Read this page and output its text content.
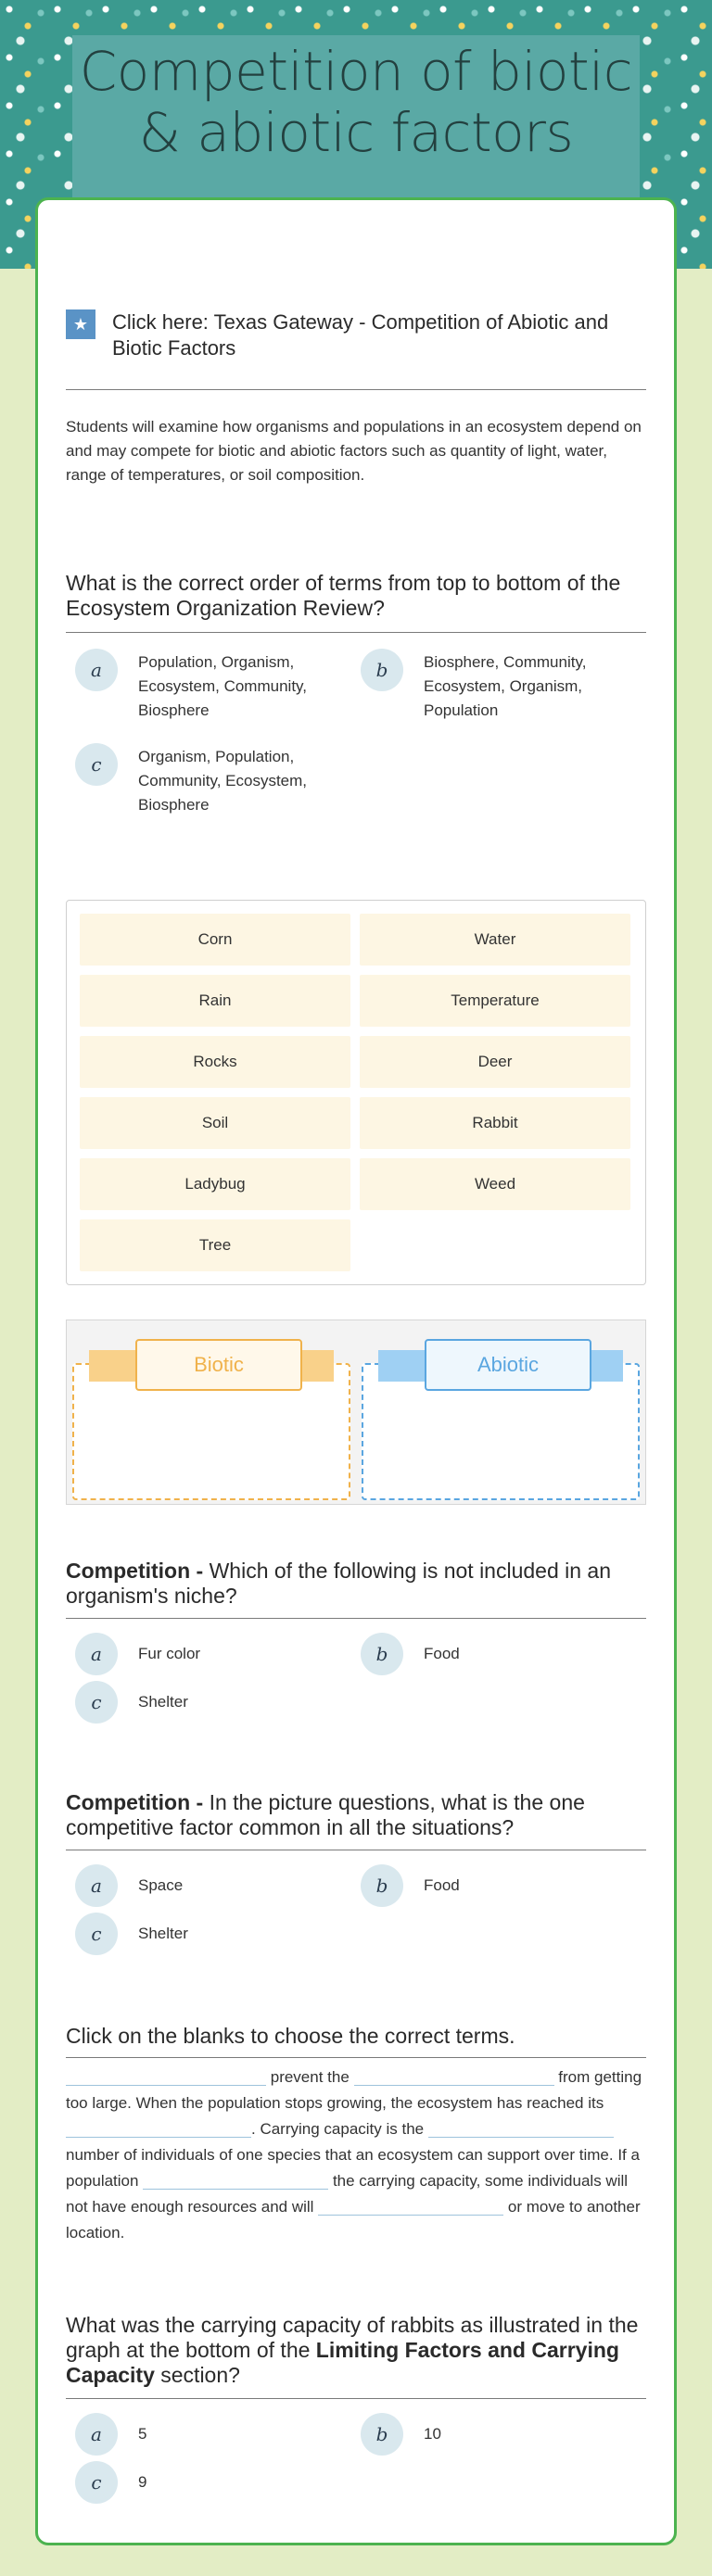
Competition of biotic & abiotic factors
★	Click here: Texas Gateway - Competition of Abiotic and Biotic Factors
Students will examine how organisms and populations in an ecosystem depend on and may compete for biotic and abiotic factors such as quantity of light, water, range of temperatures, or soil composition.
What is the correct order of terms from top to bottom of the Ecosystem Organization Review?
a	Population, Organism, Ecosystem, Community, Biosphere
b	Biosphere, Community, Ecosystem, Organism, Population
c	Organism, Population, Community, Ecosystem, Biosphere
Corn	Water
Rain	Temperature
Rocks	Deer
Soil	Rabbit
Ladybug	Weed
Tree
Biotic	Abiotic
Competition - Which of the following is not included in an organism's niche?
a	Fur color	b	Food
c	Shelter
Competition - In the picture questions, what is the one competitive factor common in all the situations?
a	Space	b	Food
c	Shelter
Click on the blanks to choose the correct terms.
prevent the	from getting too large. When the population stops growing, the ecosystem has reached its . Carrying capacity is the  number of individuals of one species that an ecosystem can support over time. If a population	the carrying capacity, some individuals will not have enough resources and will	or move to another location.
What was the carrying capacity of rabbits as illustrated in the graph at the bottom of the Limiting Factors and Carrying Capacity section?
a	5	b	10
c	9
